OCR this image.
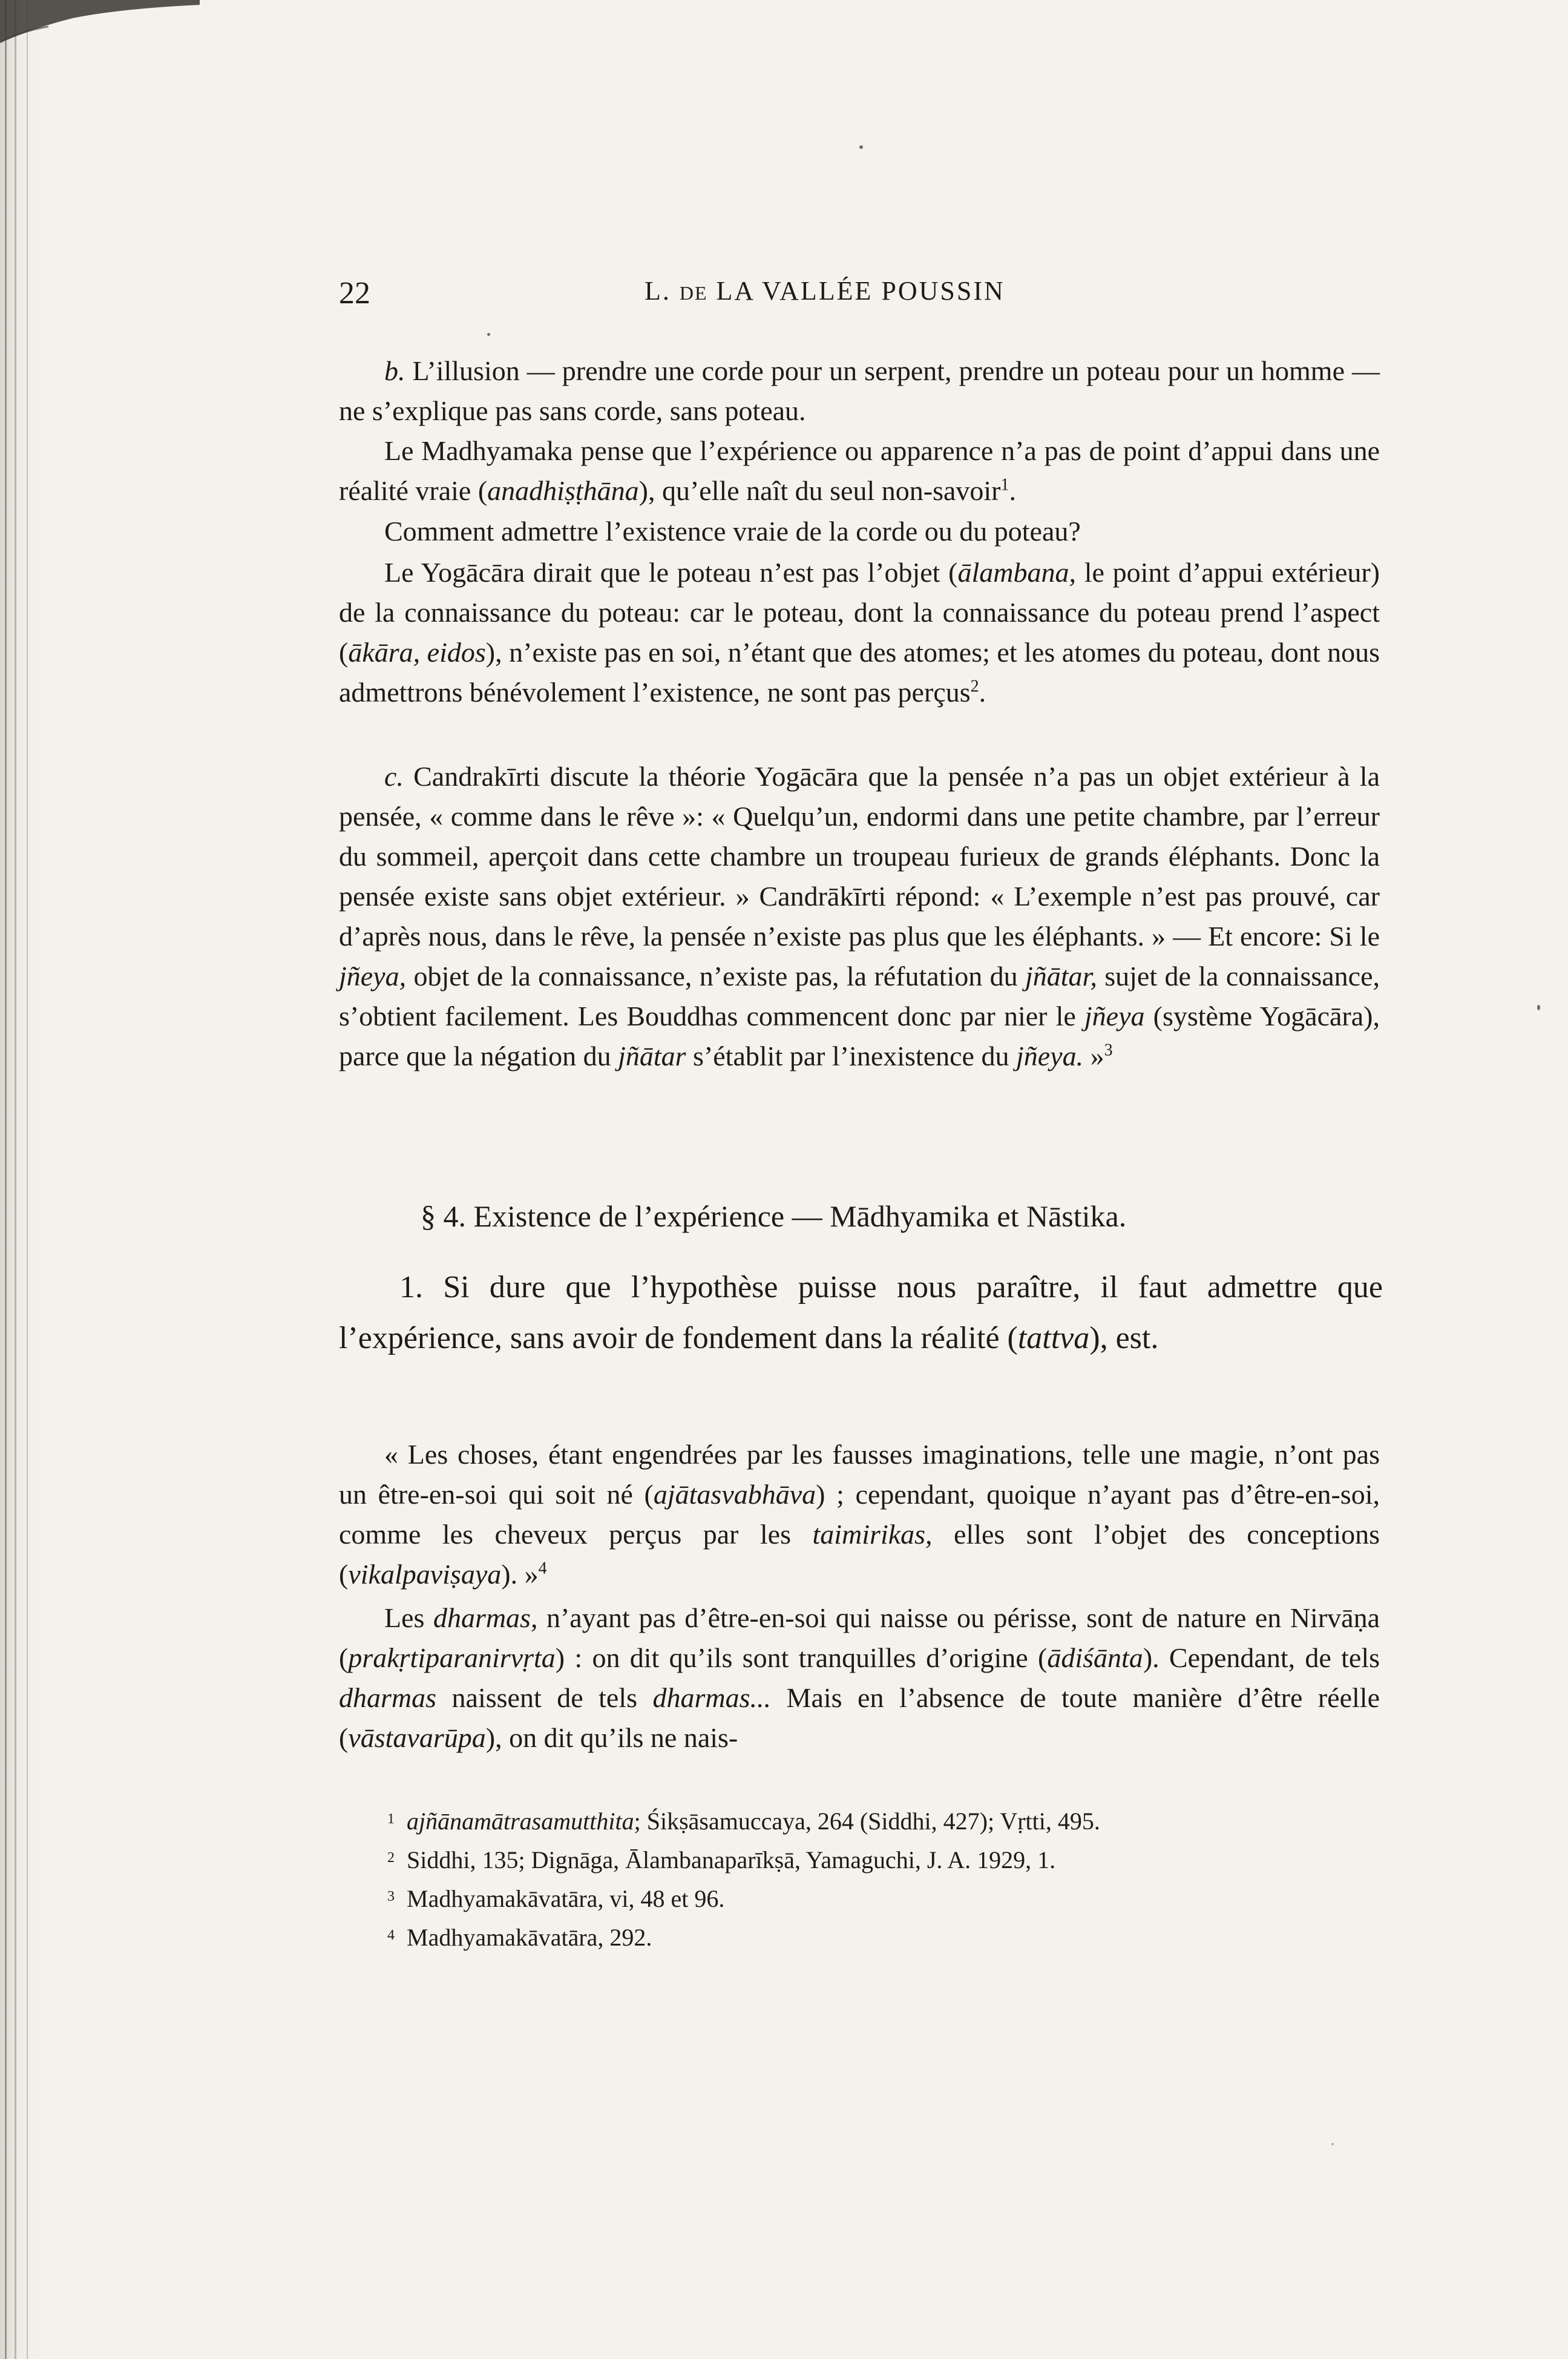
22	L. DE LA VALLÉE POUSSIN

b. L’illusion — prendre une corde pour un serpent, prendre un poteau pour un homme — ne s’explique pas sans corde, sans poteau.

Le Madhyamaka pense que l’expérience ou apparence n’a pas de point d’appui dans une réalité vraie (anadhiṣṭhāna), qu’elle naît du seul non-savoir$^1$.

Comment admettre l’existence vraie de la corde ou du poteau?

Le Yogācāra dirait que le poteau n’est pas l’objet (ālambana, le point d’appui extérieur) de la connaissance du poteau: car le poteau, dont la connaissance du poteau prend l’aspect (ākāra, eidos), n’existe pas en soi, n’étant que des atomes; et les atomes du poteau, dont nous admettrons bénévolement l’existence, ne sont pas perçus$^2$.

c. Candrakīrti discute la théorie Yogācāra que la pensée n’a pas un objet extérieur à la pensée, « comme dans le rêve »: « Quelqu’un, endormi dans une petite chambre, par l’erreur du sommeil, aperçoit dans cette chambre un troupeau furieux de grands éléphants. Donc la pensée existe sans objet extérieur. » Candrākīrti répond: « L’exemple n’est pas prouvé, car d’après nous, dans le rêve, la pensée n’existe pas plus que les éléphants. » — Et encore: Si le jñeya, objet de la connaissance, n’existe pas, la réfutation du jñātar, sujet de la connaissance, s’obtient facilement. Les Bouddhas commencent donc par nier le jñeya (système Yogācāra), parce que la négation du jñātar s’établit par l’inexistence du jñeya. »$^3$

§ 4. Existence de l’expérience — Mādhyamika et Nāstika.

1. Si dure que l’hypothèse puisse nous paraître, il faut admettre que l’expérience, sans avoir de fondement dans la réalité (tattva), est.

« Les choses, étant engendrées par les fausses imaginations, telle une magie, n’ont pas un être-en-soi qui soit né (ajātasvabhāva) ; cependant, quoique n’ayant pas d’être-en-soi, comme les cheveux perçus par les taimirikas, elles sont l’objet des conceptions (vikalpaviṣaya). »$^4$

Les dharmas, n’ayant pas d’être-en-soi qui naisse ou périsse, sont de nature en Nirvāṇa (prakṛtiparanirvṛta) : on dit qu’ils sont tranquilles d’origine (ādiśānta). Cependant, de tels dharmas naissent de tels dharmas... Mais en l’absence de toute manière d’être réelle (vāstavarūpa), on dit qu’ils ne nais-

$^1$ ajñānamātrasamutthita; Śikṣāsamuccaya, 264 (Siddhi, 427); Vṛtti, 495.
$^2$ Siddhi, 135; Dignāga, Ālambanaparīkṣā, Yamaguchi, J. A. 1929, 1.
$^3$ Madhyamakāvatāra, vi, 48 et 96.
$^4$ Madhyamakāvatāra, 292.
